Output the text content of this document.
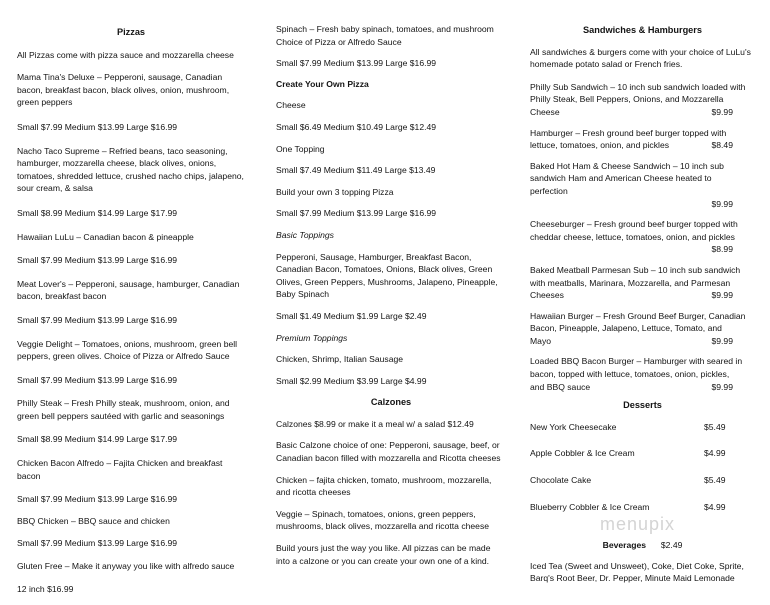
menupix
Pizzas
All Pizzas come with pizza sauce and mozzarella cheese
Mama Tina's Deluxe – Pepperoni, sausage, Canadian bacon, breakfast bacon, black olives, onion, mushroom, green peppers
Small $7.99 Medium $13.99 Large $16.99
Nacho Taco Supreme – Refried beans, taco seasoning, hamburger, mozzarella cheese, black olives, onions, tomatoes, shredded lettuce, crushed nacho chips, jalapeno, sour cream, & salsa
Small $8.99 Medium $14.99 Large $17.99
Hawaiian LuLu – Canadian bacon & pineapple
Small $7.99 Medium $13.99 Large $16.99
Meat Lover's – Pepperoni, sausage, hamburger, Canadian bacon, breakfast bacon
Small $7.99 Medium $13.99 Large $16.99
Veggie Delight – Tomatoes, onions, mushroom, green bell peppers, green olives. Choice of Pizza or Alfredo Sauce
Small $7.99 Medium $13.99 Large $16.99
Philly Steak – Fresh Philly steak, mushroom, onion, and green bell peppers sautéed with garlic and seasonings
Small $8.99 Medium $14.99 Large $17.99
Chicken Bacon Alfredo – Fajita Chicken and breakfast bacon
Small $7.99 Medium $13.99 Large $16.99
BBQ Chicken – BBQ sauce and chicken
Small $7.99 Medium $13.99 Large $16.99
Gluten Free – Make it anyway you like with alfredo sauce
12 inch $16.99
Spinach – Fresh baby spinach, tomatoes, and mushroom Choice of Pizza or Alfredo Sauce
Small $7.99 Medium $13.99 Large $16.99
Create Your Own Pizza
Cheese
Small $6.49 Medium $10.49 Large $12.49
One Topping
Small $7.49 Medium $11.49 Large $13.49
Build your own 3 topping Pizza
Small $7.99 Medium $13.99 Large $16.99
Basic Toppings
Pepperoni, Sausage, Hamburger, Breakfast Bacon, Canadian Bacon, Tomatoes, Onions, Black olives, Green Olives, Green Peppers, Mushrooms, Jalapeno, Pineapple, Baby Spinach
Small $1.49 Medium $1.99 Large $2.49
Premium Toppings
Chicken, Shrimp, Italian Sausage
Small $2.99 Medium $3.99 Large $4.99
Calzones
Calzones $8.99 or make it a meal w/ a salad $12.49
Basic Calzone choice of one: Pepperoni, sausage, beef, or Canadian bacon filled with mozzarella and Ricotta cheeses
Chicken – fajita chicken, tomato, mushroom, mozzarella, and ricotta cheeses
Veggie – Spinach, tomatoes, onions, green peppers, mushrooms, black olives, mozzarella and ricotta cheese
Build yours just the way you like. All pizzas can be made into a calzone or you can create your own one of a kind.
Sandwiches & Hamburgers
All sandwiches & burgers come with your choice of LuLu's homemade potato salad or French fries.
Philly Sub Sandwich – 10 inch sub sandwich loaded with Philly Steak, Bell Peppers, Onions, and Mozzarella
Cheese	$9.99
Hamburger – Fresh ground beef burger topped with
lettuce, tomatoes, onion, and pickles	$8.49
Baked Hot Ham & Cheese Sandwich – 10 inch sub sandwich Ham and American Cheese heated to perfection
$9.99
Cheeseburger – Fresh ground beef burger topped with cheddar cheese, lettuce, tomatoes, onion, and pickles
$8.99
Baked Meatball Parmesan Sub – 10 inch sub sandwich with meatballs, Marinara, Mozzarella, and Parmesan
Cheeses	$9.99
Hawaiian Burger – Fresh Ground Beef Burger, Canadian Bacon, Pineapple, Jalapeno, Lettuce, Tomato, and
Mayo	$9.99
Loaded BBQ Bacon Burger – Hamburger with seared in bacon, topped with lettuce, tomatoes, onion, pickles,
and BBQ sauce	$9.99
Desserts
New York Cheesecake	$5.49
Apple Cobbler & Ice Cream	$4.99
Chocolate Cake	$5.49
Blueberry Cobbler & Ice Cream	$4.99
Beverages $2.49
Iced Tea (Sweet and Unsweet), Coke, Diet Coke, Sprite, Barq's Root Beer, Dr. Pepper, Minute Maid Lemonade
